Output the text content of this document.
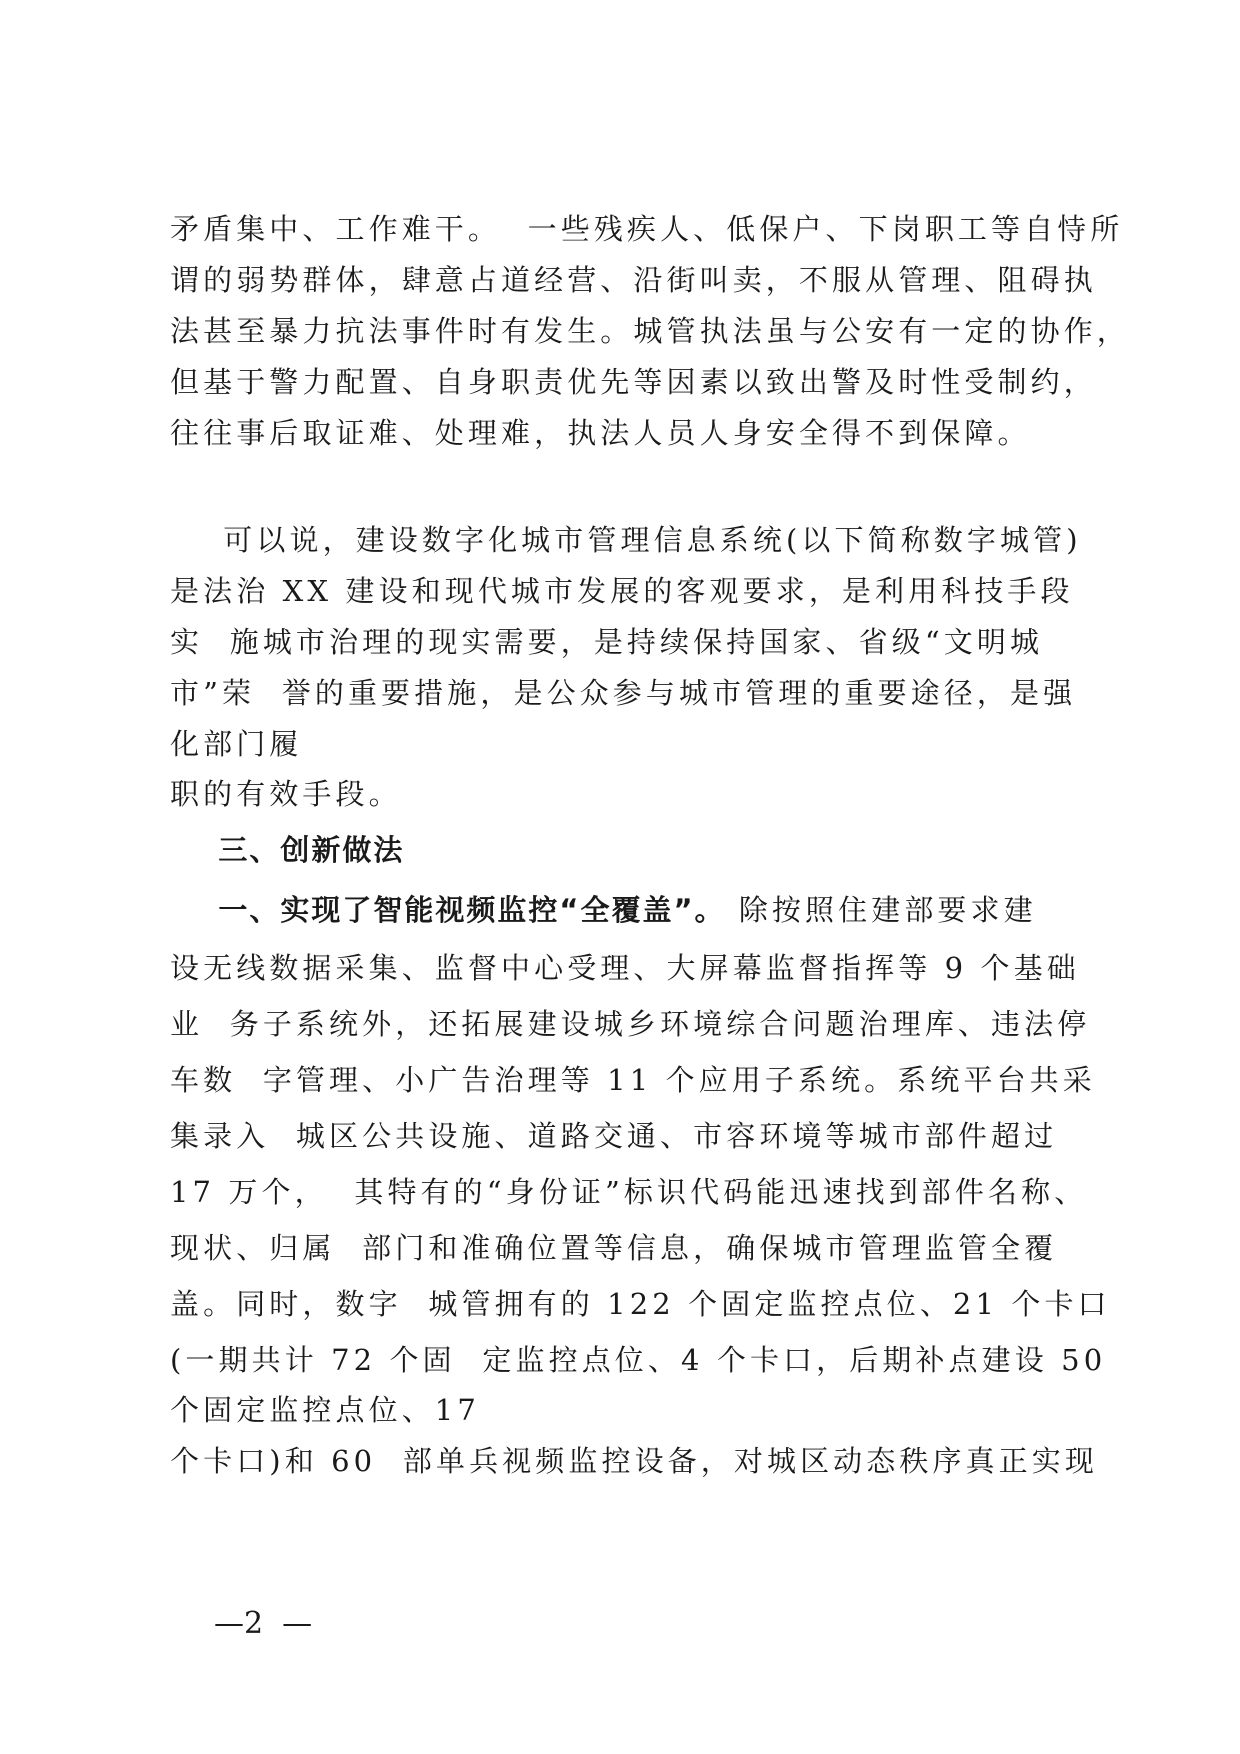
矛盾集中、工作难干。  一些残疾人、低保户、下岗职工等自恃所
谓的弱势群体，肆意占道经营、沿街叫卖，不服从管理、阻碍执
法甚至暴力抗法事件时有发生。城管执法虽与公安有一定的协作，
但基于警力配置、自身职责优先等因素以致出警及时性受制约，
往往事后取证难、处理难，执法人员人身安全得不到保障。
可以说，建设数字化城市管理信息系统(以下简称数字城管)
是法治 XX 建设和现代城市发展的客观要求，是利用科技手段
实  施城市治理的现实需要，是持续保持国家、省级“文明城
市”荣  誉的重要措施，是公众参与城市管理的重要途径，是强
化部门履
职的有效手段。
三、创新做法
一、实现了智能视频监控“全覆盖”。 除按照住建部要求建
设无线数据采集、监督中心受理、大屏幕监督指挥等 9 个基础
业  务子系统外，还拓展建设城乡环境综合问题治理库、违法停
车数  字管理、小广告治理等 11 个应用子系统。系统平台共采
集录入  城区公共设施、道路交通、市容环境等城市部件超过
17 万个，  其特有的“身份证”标识代码能迅速找到部件名称、
现状、归属  部门和准确位置等信息，确保城市管理监管全覆
盖。同时，数字  城管拥有的 122 个固定监控点位、21 个卡口
(一期共计 72 个固  定监控点位、4 个卡口，后期补点建设 50
个固定监控点位、17
个卡口)和 60  部单兵视频监控设备，对城区动态秩序真正实现
—2  —
